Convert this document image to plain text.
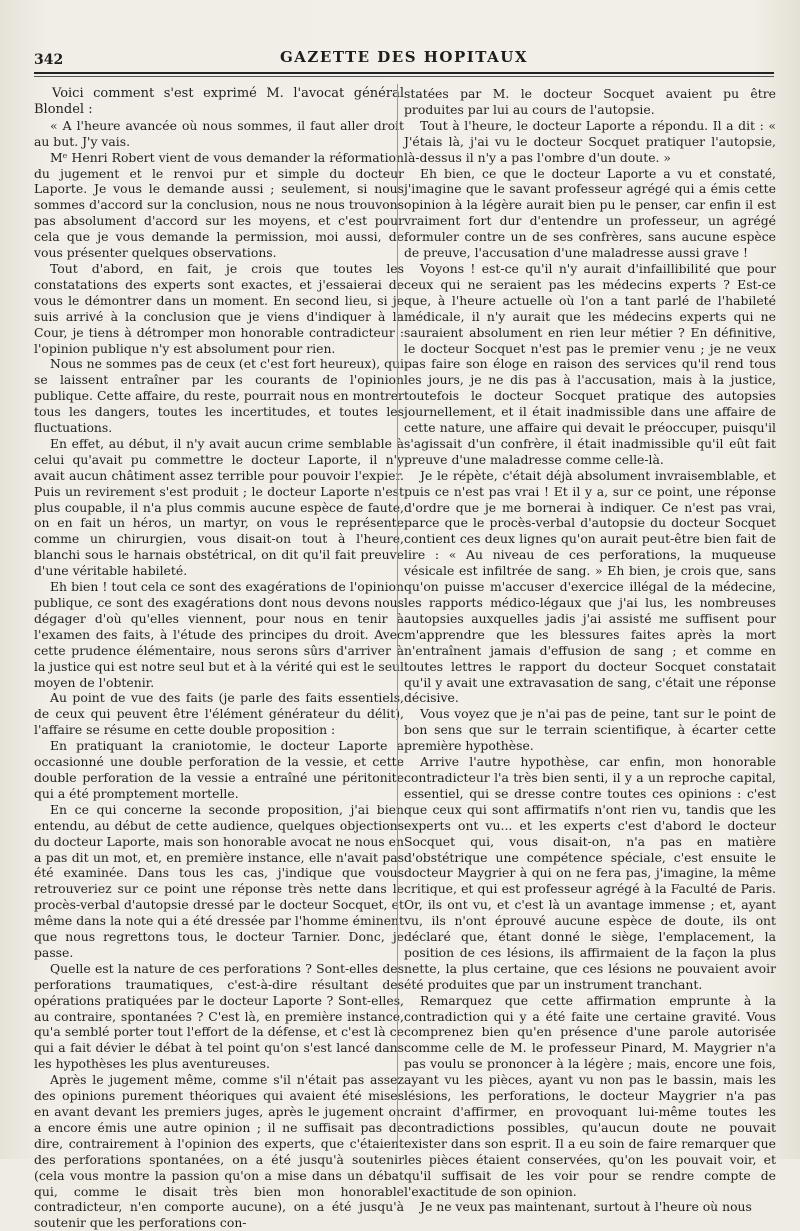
342	GAZETTE DES HOPITAUX

Voici comment s'est exprimé M. l'avocat général Blondel :

« A l'heure avancée où nous sommes, il faut aller droit au but. J'y vais.

Mᵉ Henri Robert vient de vous demander la réformation du jugement et le renvoi pur et simple du docteur Laporte. Je vous le demande aussi ; seulement, si nous sommes d'accord sur la conclusion, nous ne nous trouvons pas absolument d'accord sur les moyens, et c'est pour cela que je vous demande la permission, moi aussi, de vous présenter quelques observations.

Tout d'abord, en fait, je crois que toutes les constatations des experts sont exactes, et j'essaierai de vous le démontrer dans un moment. En second lieu, si je suis arrivé à la conclusion que je viens d'indiquer à la Cour, je tiens à détromper mon honorable contradicteur : l'opinion publique n'y est absolument pour rien.

Nous ne sommes pas de ceux (et c'est fort heureux), qui se laissent entraîner par les courants de l'opinion publique. Cette affaire, du reste, pourrait nous en montrer tous les dangers, toutes les incertitudes, et toutes les fluctuations.

En effet, au début, il n'y avait aucun crime semblable à celui qu'avait pu commettre le docteur Laporte, il n'y avait aucun châtiment assez terrible pour pouvoir l'expier. Puis un revirement s'est produit ; le docteur Laporte n'est plus coupable, il n'a plus commis aucune espèce de faute, on en fait un héros, un martyr, on vous le représente comme un chirurgien, vous disait-on tout à l'heure, blanchi sous le harnais obstétrical, on dit qu'il fait preuve d'une véritable habileté.

Eh bien ! tout cela ce sont des exagérations de l'opinion publique, ce sont des exagérations dont nous devons nous dégager d'où qu'elles viennent, pour nous en tenir à l'examen des faits, à l'étude des principes du droit. Avec cette prudence élémentaire, nous serons sûrs d'arriver à la justice qui est notre seul but et à la vérité qui est le seul moyen de l'obtenir.

Au point de vue des faits (je parle des faits essentiels, de ceux qui peuvent être l'élément générateur du délit), l'affaire se résume en cette double proposition :

En pratiquant la craniotomie, le docteur Laporte a occasionné une double perforation de la vessie, et cette double perforation de la vessie a entraîné une péritonite qui a été promptement mortelle.

En ce qui concerne la seconde proposition, j'ai bien entendu, au début de cette audience, quelques objections du docteur Laporte, mais son honorable avocat ne nous en a pas dit un mot, et, en première instance, elle n'avait pas été examinée. Dans tous les cas, j'indique que vous retrouveriez sur ce point une réponse très nette dans le procès-verbal d'autopsie dressé par le docteur Socquet, et même dans la note qui a été dressée par l'homme éminent que nous regrettons tous, le docteur Tarnier. Donc, je passe.

Quelle est la nature de ces perforations ? Sont-elles des perforations traumatiques, c'est-à-dire résultant des opérations pratiquées par le docteur Laporte ? Sont-elles, au contraire, spontanées ? C'est là, en première instance, qu'a semblé porter tout l'effort de la défense, et c'est là ce qui a fait dévier le débat à tel point qu'on s'est lancé dans les hypothèses les plus aventureuses.

Après le jugement même, comme s'il n'était pas assez des opinions purement théoriques qui avaient été mises en avant devant les premiers juges, après le jugement on a encore émis une autre opinion ; il ne suffisait pas de dire, contrairement à l'opinion des experts, que c'étaient des perforations spontanées, on a été jusqu'à soutenir (cela vous montre la passion qu'on a mise dans un débat qui, comme le disait très bien mon honorable contradicteur, n'en comporte aucune), on a été jusqu'à soutenir que les perforations con-

statées par M. le docteur Socquet avaient pu être produites par lui au cours de l'autopsie.

Tout à l'heure, le docteur Laporte a répondu. Il a dit : « J'étais là, j'ai vu le docteur Socquet pratiquer l'autopsie, là-dessus il n'y a pas l'ombre d'un doute. »

Eh bien, ce que le docteur Laporte a vu et constaté, j'imagine que le savant professeur agrégé qui a émis cette opinion à la légère aurait bien pu le penser, car enfin il est vraiment fort dur d'entendre un professeur, un agrégé formuler contre un de ses confrères, sans aucune espèce de preuve, l'accusation d'une maladresse aussi grave !

Voyons ! est-ce qu'il n'y aurait d'infaillibilité que pour ceux qui ne seraient pas les médecins experts ? Est-ce que, à l'heure actuelle où l'on a tant parlé de l'habileté médicale, il n'y aurait que les médecins experts qui ne sauraient absolument en rien leur métier ? En définitive, le docteur Socquet n'est pas le premier venu ; je ne veux pas faire son éloge en raison des services qu'il rend tous les jours, je ne dis pas à l'accusation, mais à la justice, toutefois le docteur Socquet pratique des autopsies journellement, et il était inadmissible dans une affaire de cette nature, une affaire qui devait le préoccuper, puisqu'il s'agissait d'un confrère, il était inadmissible qu'il eût fait preuve d'une maladresse comme celle-là.

Je le répète, c'était déjà absolument invraisemblable, et puis ce n'est pas vrai ! Et il y a, sur ce point, une réponse d'ordre que je me bornerai à indiquer. Ce n'est pas vrai, parce que le procès-verbal d'autopsie du docteur Socquet contient ces deux lignes qu'on aurait peut-être bien fait de lire : « Au niveau de ces perforations, la muqueuse vésicale est infiltrée de sang. » Eh bien, je crois que, sans qu'on puisse m'accuser d'exercice illégal de la médecine, les rapports médico-légaux que j'ai lus, les nombreuses autopsies auxquelles jadis j'ai assisté me suffisent pour m'apprendre que les blessures faites après la mort n'entraînent jamais d'effusion de sang ; et comme en toutes lettres le rapport du docteur Socquet constatait qu'il y avait une extravasation de sang, c'était une réponse décisive.

Vous voyez que je n'ai pas de peine, tant sur le point de bon sens que sur le terrain scientifique, à écarter cette première hypothèse.

Arrive l'autre hypothèse, car enfin, mon honorable contradicteur l'a très bien senti, il y a un reproche capital, essentiel, qui se dresse contre toutes ces opinions : c'est que ceux qui sont affirmatifs n'ont rien vu, tandis que les experts ont vu... et les experts c'est d'abord le docteur Socquet qui, vous disait-on, n'a pas en matière d'obstétrique une compétence spéciale, c'est ensuite le docteur Maygrier à qui on ne fera pas, j'imagine, la même critique, et qui est professeur agrégé à la Faculté de Paris. Or, ils ont vu, et c'est là un avantage immense ; et, ayant vu, ils n'ont éprouvé aucune espèce de doute, ils ont déclaré que, étant donné le siège, l'emplacement, la position de ces lésions, ils affirmaient de la façon la plus nette, la plus certaine, que ces lésions ne pouvaient avoir été produites que par un instrument tranchant.

Remarquez que cette affirmation emprunte à la contradiction qui y a été faite une certaine gravité. Vous comprenez bien qu'en présence d'une parole autorisée comme celle de M. le professeur Pinard, M. Maygrier n'a pas voulu se prononcer à la légère ; mais, encore une fois, ayant vu les pièces, ayant vu non pas le bassin, mais les lésions, les perforations, le docteur Maygrier n'a pas craint d'affirmer, en provoquant lui-même toutes les contradictions possibles, qu'aucun doute ne pouvait exister dans son esprit. Il a eu soin de faire remarquer que les pièces étaient conservées, qu'on les pouvait voir, et qu'il suffisait de les voir pour se rendre compte de l'exactitude de son opinion.

Je ne veux pas maintenant, surtout à l'heure où nous
